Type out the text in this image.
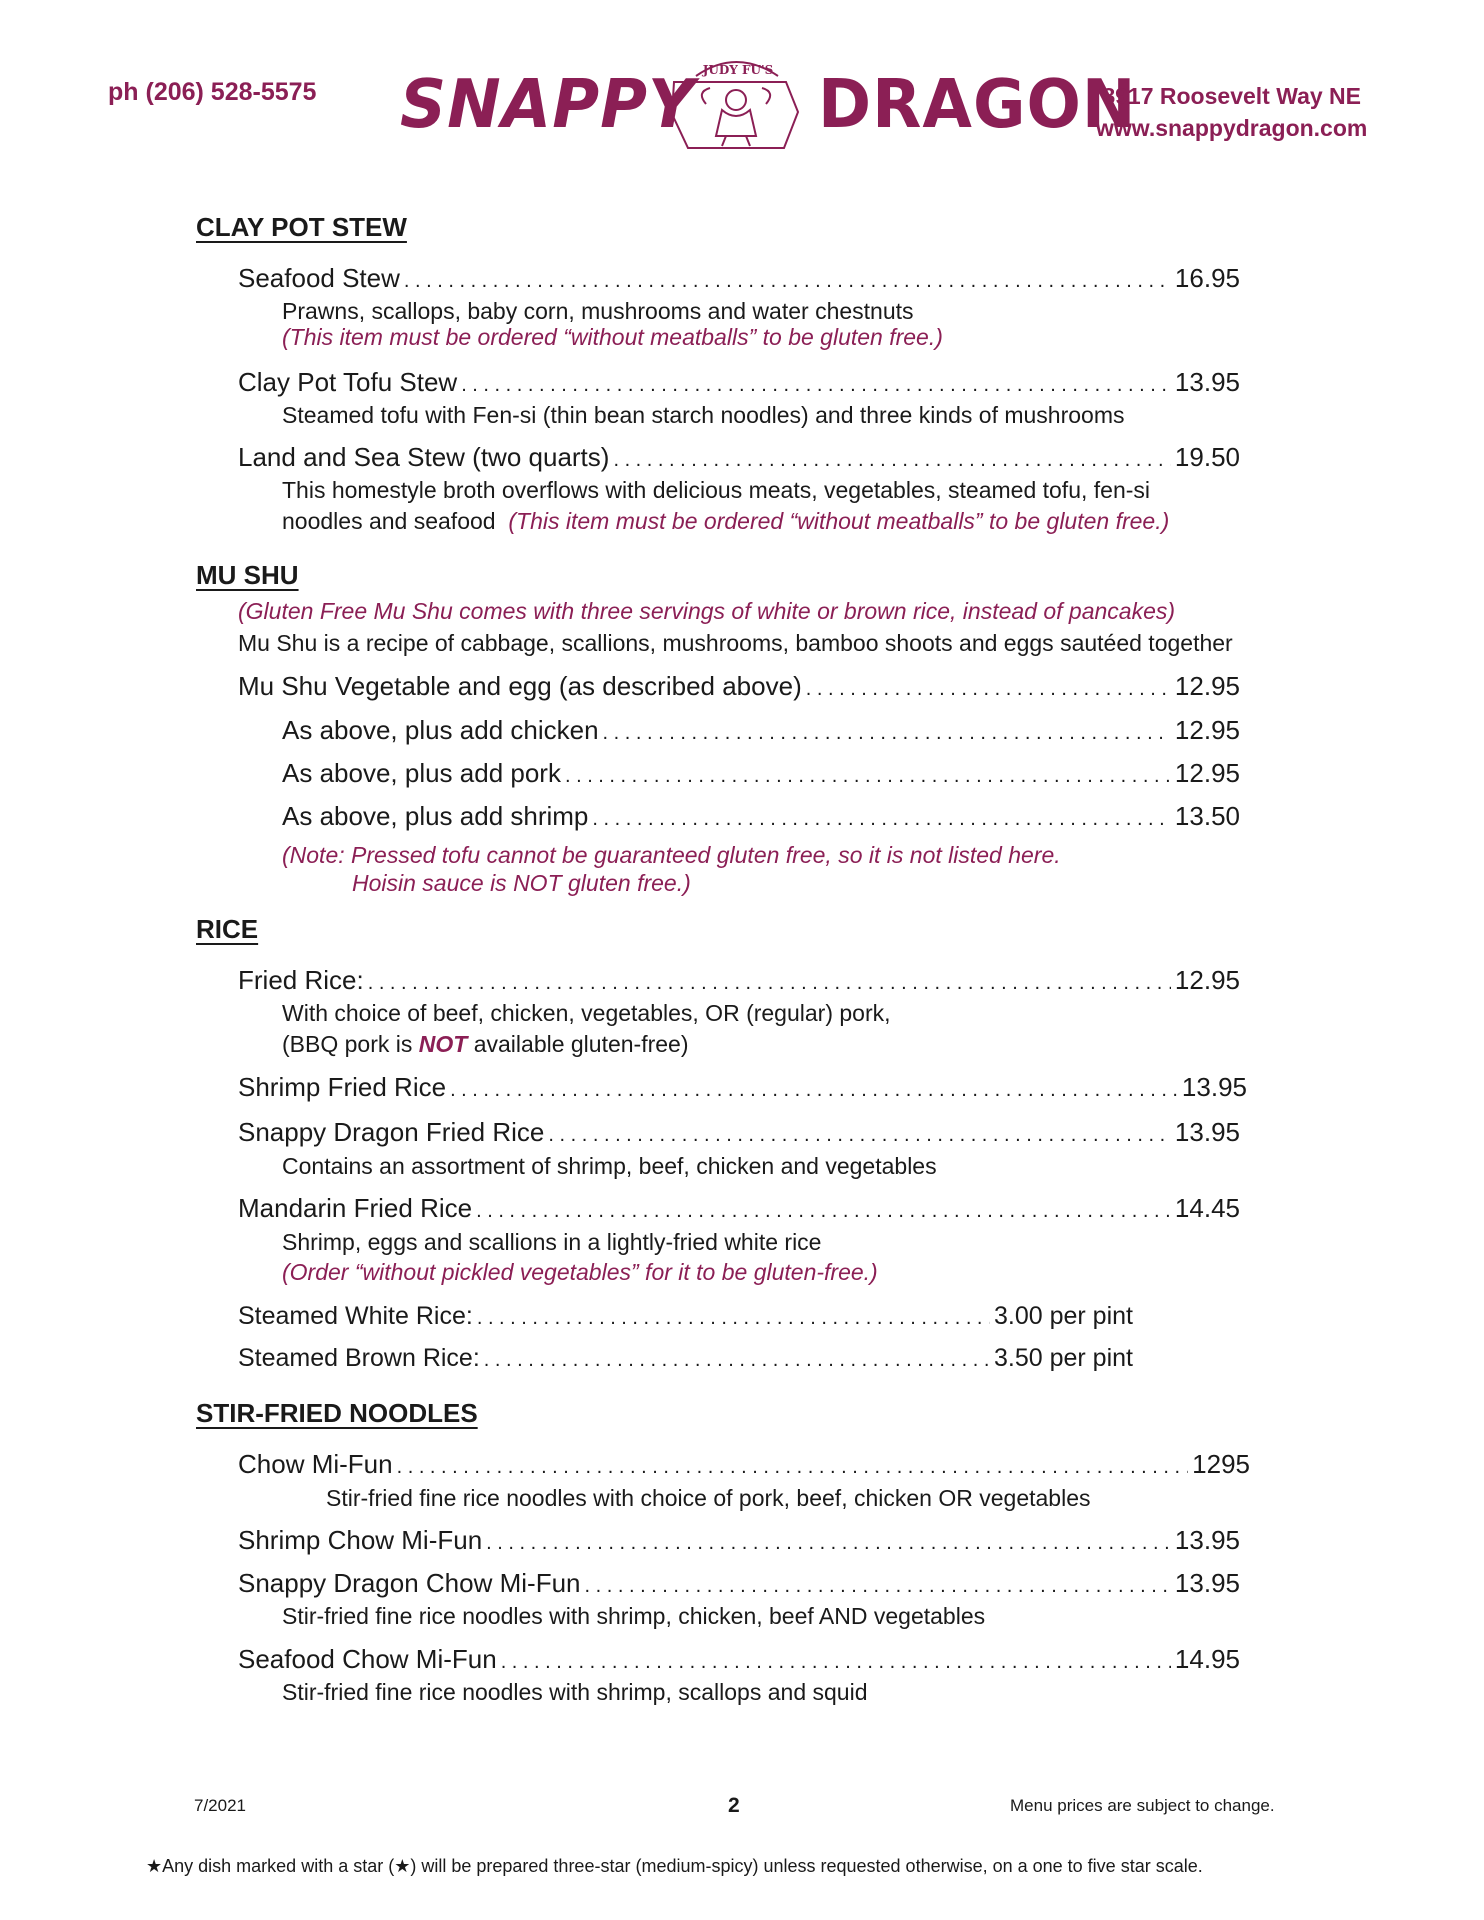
ph (206) 528-5575 SNAPPY JUDY FU'S DRAGON
8917 Roosevelt Way NE
www.snappydragon.com
CLAY POT STEW
Seafood Stew . . .	16.95
Prawns, scallops, baby corn, mushrooms and water chestnuts
(This item must be ordered “without meatballs” to be gluten free.)
Clay Pot Tofu Stew . . .	13.95
Steamed tofu with Fen-si (thin bean starch noodles) and three kinds of mushrooms
Land and Sea Stew (two quarts) . . .	19.50
This homestyle broth overflows with delicious meats, vegetables, steamed tofu, fen-si
noodles and seafood (This item must be ordered “without meatballs” to be gluten free.)
MU SHU
(Gluten Free Mu Shu comes with three servings of white or brown rice, instead of pancakes)
Mu Shu is a recipe of cabbage, scallions, mushrooms, bamboo shoots and eggs sautéed together
Mu Shu Vegetable and egg (as described above) . . .	12.95
As above, plus add chicken . . .	12.95
As above, plus add pork . . .	12.95
As above, plus add shrimp . . .	13.50
(Note: Pressed tofu cannot be guaranteed gluten free, so it is not listed here.
Hoisin sauce is NOT gluten free.)
RICE
Fried Rice: . . .	12.95
With choice of beef, chicken, vegetables, OR (regular) pork,
(BBQ pork is NOT available gluten-free)
Shrimp Fried Rice . . .	13.95
Snappy Dragon Fried Rice . . .	13.95
Contains an assortment of shrimp, beef, chicken and vegetables
Mandarin Fried Rice . . .	14.45
Shrimp, eggs and scallions in a lightly-fried white rice
(Order “without pickled vegetables” for it to be gluten-free.)
Steamed White Rice: . . .	3.00 per pint
Steamed Brown Rice: . . .	3.50 per pint
STIR-FRIED NOODLES
Chow Mi-Fun . . .	1295
Stir-fried fine rice noodles with choice of pork, beef, chicken OR vegetables
Shrimp Chow Mi-Fun . . .	13.95
Snappy Dragon Chow Mi-Fun . . .	13.95
Stir-fried fine rice noodles with shrimp, chicken, beef AND vegetables
Seafood Chow Mi-Fun . . .	14.95
Stir-fried fine rice noodles with shrimp, scallops and squid
7/2021	2	Menu prices are subject to change.
★Any dish marked with a star (★) will be prepared three-star (medium-spicy) unless requested otherwise, on a one to five star scale.
